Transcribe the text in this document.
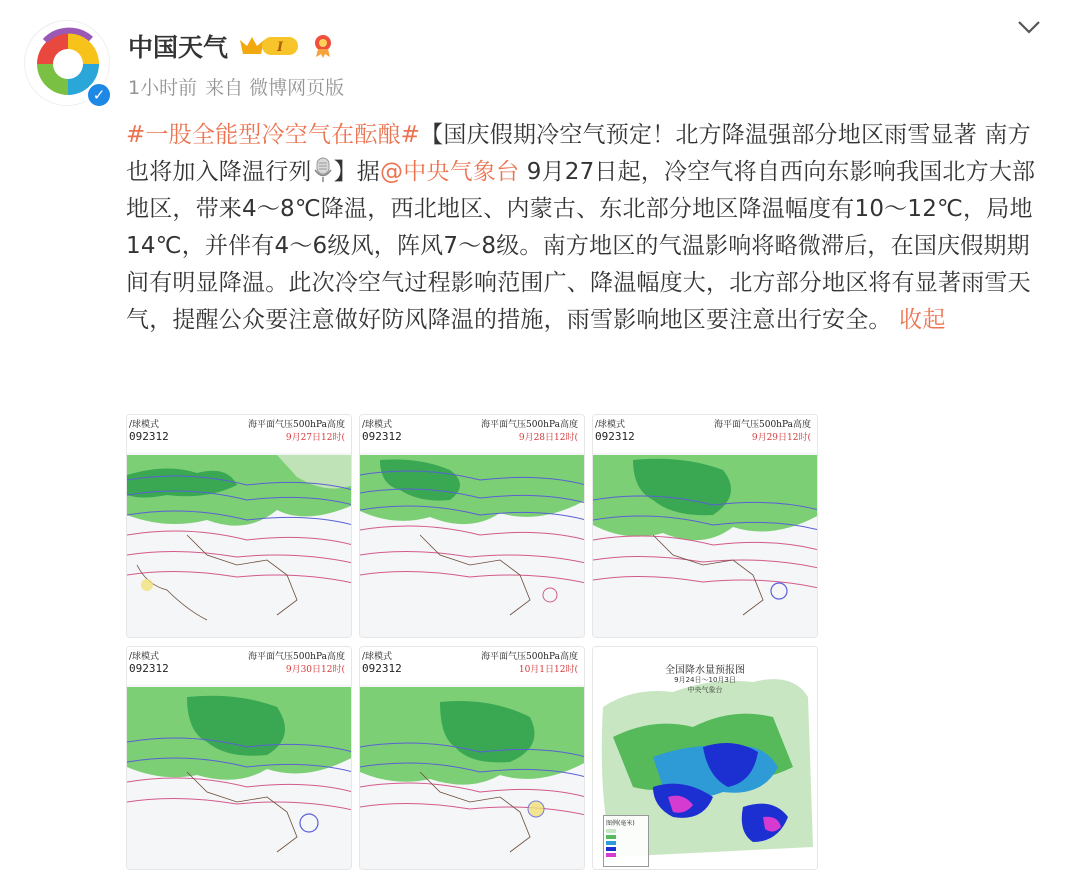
✓
中国天气	I
1小时前 来自 微博网页版
#一股全能型冷空气在酝酿#【国庆假期冷空气预定！北方降温强部分地区雨雪显著 南方也将加入降温行列 】据@中央气象台 9月27日起，冷空气将自西向东影响我国北方大部地区，带来4～8℃降温，西北地区、内蒙古、东北部分地区降温幅度有10～12℃，局地14℃，并伴有4～6级风，阵风7～8级。南方地区的气温影响将略微滞后，在国庆假期期间有明显降温。此次冷空气过程影响范围广、降温幅度大，北方部分地区将有显著雨雪天气，提醒公众要注意做好防风降温的措施，雨雪影响地区要注意出行安全。 收起
/球模式
092312
海平面气压500hPa高度
9月27日12时(
/球模式
092312
海平面气压500hPa高度
9月28日12时(
/球模式
092312
海平面气压500hPa高度
9月29日12时(
/球模式
092312
海平面气压500hPa高度
9月30日12时(
/球模式
092312
海平面气压500hPa高度
10月1日12时(	全国降水量预报图
9月24日～10月3日
中央气象台
图例(毫米)
